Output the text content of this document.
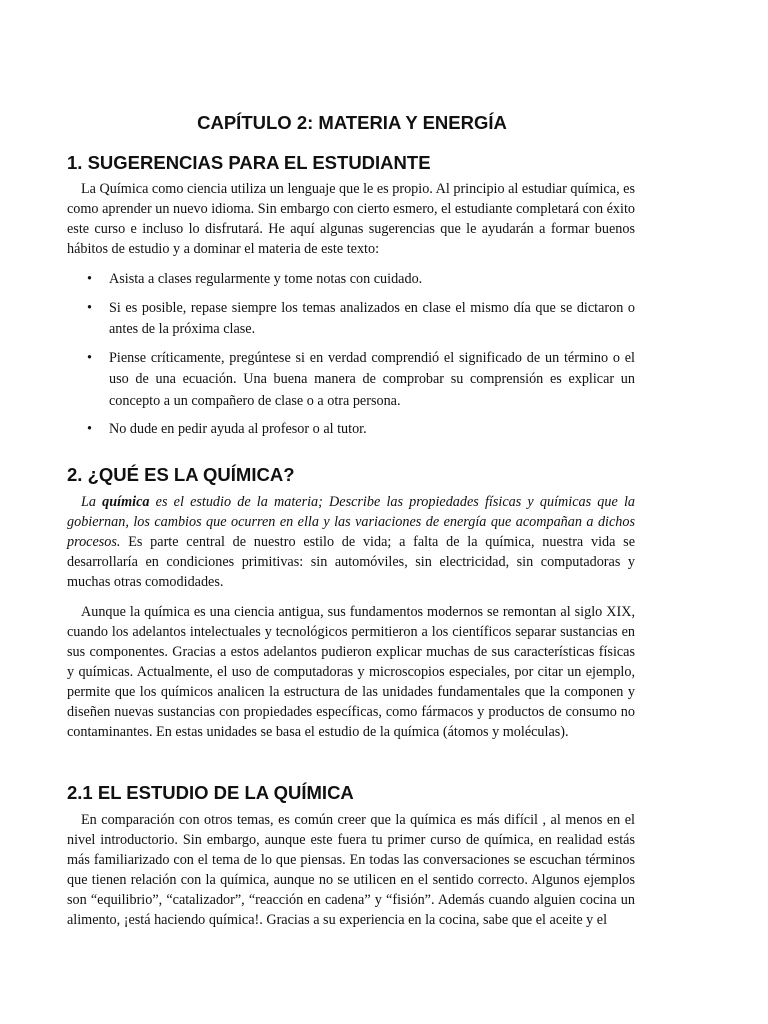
CAPÍTULO 2: MATERIA Y ENERGÍA
1. SUGERENCIAS PARA EL ESTUDIANTE

La Química como ciencia utiliza un lenguaje que le es propio. Al principio al estudiar química, es como aprender un nuevo idioma. Sin embargo con cierto esmero, el estudiante completará con éxito este curso e incluso lo disfrutará. He aquí algunas sugerencias que le ayudarán a formar buenos hábitos de estudio y a dominar el materia de este texto:

• Asista a clases regularmente y tome notas con cuidado.
• Si es posible, repase siempre los temas analizados en clase el mismo día que se dictaron o antes de la próxima clase.
• Piense críticamente, pregúntese si en verdad comprendió el significado de un término o el uso de una ecuación. Una buena manera de comprobar su comprensión es explicar un concepto a un compañero de clase o a otra persona.
• No dude en pedir ayuda al profesor o al tutor.
2. ¿QUÉ ES LA QUÍMICA?

La química es el estudio de la materia; Describe las propiedades físicas y químicas que la gobiernan, los cambios que ocurren en ella y las variaciones de energía que acompañan a dichos procesos. Es parte central de nuestro estilo de vida; a falta de la química, nuestra vida se desarrollaría en condiciones primitivas: sin automóviles, sin electricidad, sin computadoras y muchas otras comodidades.

Aunque la química es una ciencia antigua, sus fundamentos modernos se remontan al siglo XIX, cuando los adelantos intelectuales y tecnológicos permitieron a los científicos separar sustancias en sus componentes. Gracias a estos adelantos pudieron explicar muchas de sus características físicas y químicas. Actualmente, el uso de computadoras y microscopios especiales, por citar un ejemplo, permite que los químicos analicen la estructura de las unidades fundamentales que la componen y diseñen nuevas sustancias con propiedades específicas, como fármacos y productos de consumo no contaminantes. En estas unidades se basa el estudio de la química (átomos y moléculas).

2.1 EL ESTUDIO DE LA QUÍMICA

En comparación con otros temas, es común creer que la química es más difícil , al menos en el nivel introductorio. Sin embargo, aunque este fuera tu primer curso de química, en realidad estás más familiarizado con el tema de lo que piensas. En todas las conversaciones se escuchan términos que tienen relación con la química, aunque no se utilicen en el sentido correcto. Algunos ejemplos son “equilibrio”, “catalizador”, “reacción en cadena” y “fisión”. Además cuando alguien cocina un alimento, ¡está haciendo química!. Gracias a su experiencia en la cocina, sabe que el aceite y el
